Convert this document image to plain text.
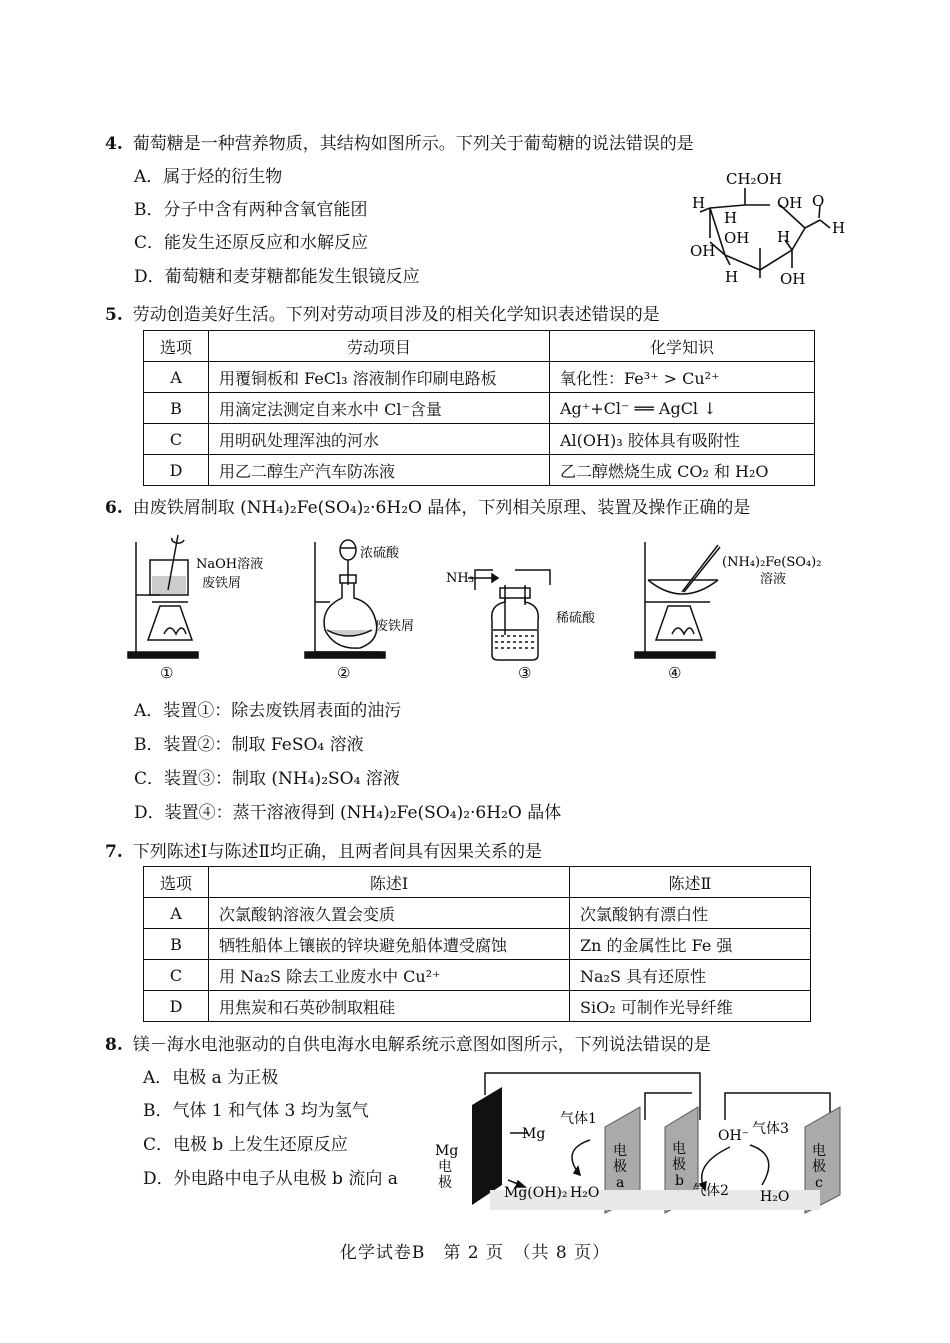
4. 葡萄糖是一种营养物质，其结构如图所示。下列关于葡萄糖的说法错误的是
A．属于烃的衍生物
B．分子中含有两种含氧官能团
C．能发生还原反应和水解反应
D．葡萄糖和麦芽糖都能发生银镜反应
CH₂OH
H
H
OH O
H
OH H
OH
H	OH
5. 劳动创造美好生活。下列对劳动项目涉及的相关化学知识表述错误的是
选项	劳动项目	化学知识
A	用覆铜板和 FeCl₃ 溶液制作印刷电路板	氧化性：Fe³⁺ > Cu²⁺
B	用滴定法测定自来水中 Cl⁻含量	Ag⁺+Cl⁻ ══ AgCl ↓
C	用明矾处理浑浊的河水	Al(OH)₃ 胶体具有吸附性
D	用乙二醇生产汽车防冻液	乙二醇燃烧生成 CO₂ 和 H₂O
6. 由废铁屑制取 (NH₄)₂Fe(SO₄)₂·6H₂O 晶体，下列相关原理、装置及操作正确的是
NaOH溶液
废铁屑
浓硫酸
废铁屑
NH₃
稀硫酸
(NH₄)₂Fe(SO₄)₂
溶液
①	②	③	④
A．装置①：除去废铁屑表面的油污
B．装置②：制取 FeSO₄ 溶液
C．装置③：制取 (NH₄)₂SO₄ 溶液
D．装置④：蒸干溶液得到 (NH₄)₂Fe(SO₄)₂·6H₂O 晶体
7. 下列陈述Ⅰ与陈述Ⅱ均正确，且两者间具有因果关系的是
选项	陈述Ⅰ	陈述Ⅱ
A	次氯酸钠溶液久置会变质	次氯酸钠有漂白性
B	牺牲船体上镶嵌的锌块避免船体遭受腐蚀	Zn 的金属性比 Fe 强
C	用 Na₂S 除去工业废水中 Cu²⁺	Na₂S 具有还原性
D	用焦炭和石英砂制取粗硅	SiO₂ 可制作光导纤维
8. 镁－海水电池驱动的自供电海水电解系统示意图如图所示，下列说法错误的是
A．电极 a 为正极
B．气体 1 和气体 3 均为氢气
C．电极 b 上发生还原反应
D．外电路中电子从电极 b 流向 a
Mg
电
极
Mg
Mg(OH)₂ H₂O
气体1
电
极
a
电
极
b
OH⁻
气体2
气体3
电
极
c
H₂O
化学试卷B　第 2 页　（共 8 页）
